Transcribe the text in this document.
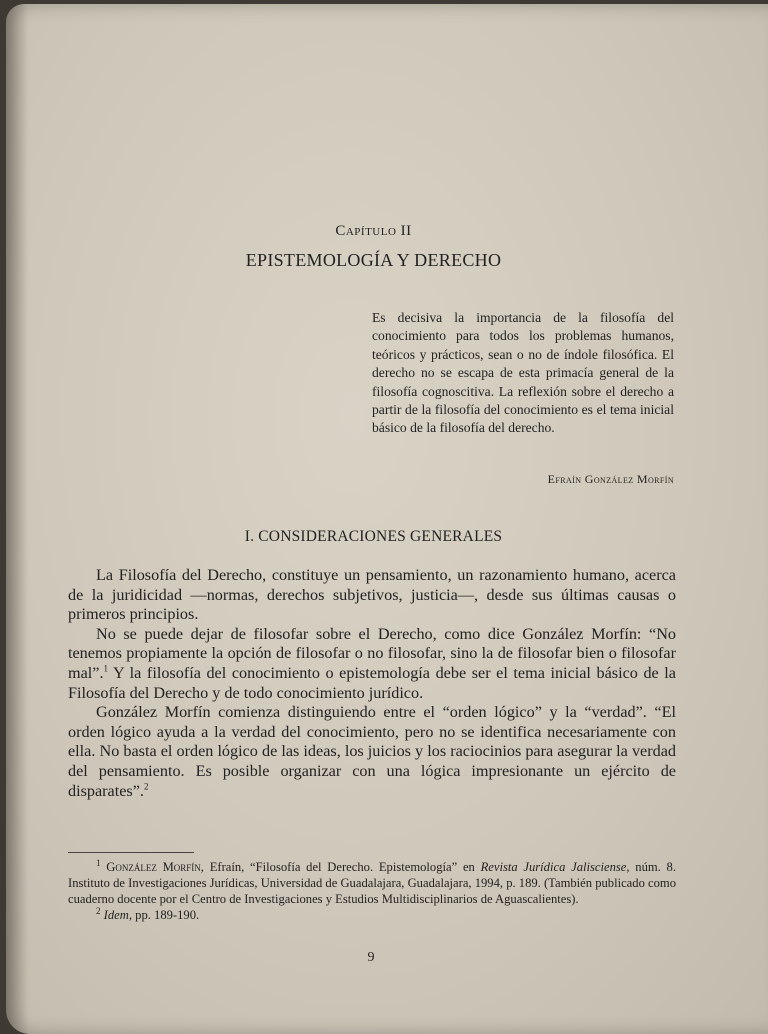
Capítulo II
EPISTEMOLOGÍA Y DERECHO
Es decisiva la importancia de la filosofía del conocimiento para todos los problemas humanos, teóricos y prácticos, sean o no de índole filosófica. El derecho no se escapa de esta primacía general de la filosofía cognoscitiva. La reflexión sobre el derecho a partir de la filosofía del conocimiento es el tema inicial básico de la filosofía del derecho.
Efraín González Morfín
I. CONSIDERACIONES GENERALES

La Filosofía del Derecho, constituye un pensamiento, un razonamiento humano, acerca de la juridicidad —normas, derechos subjetivos, justicia—, desde sus últimas causas o primeros principios.

No se puede dejar de filosofar sobre el Derecho, como dice González Morfín: “No tenemos propiamente la opción de filosofar o no filosofar, sino la de filosofar bien o filosofar mal”.$^1$ Y la filosofía del conocimiento o epistemología debe ser el tema inicial básico de la Filosofía del Derecho y de todo conocimiento jurídico.

González Morfín comienza distinguiendo entre el “orden lógico” y la “verdad”. “El orden lógico ayuda a la verdad del conocimiento, pero no se identifica necesariamente con ella. No basta el orden lógico de las ideas, los juicios y los raciocinios para asegurar la verdad del pensamiento. Es posible organizar con una lógica impresionante un ejército de disparates”.$^2$

$^1$ González Morfín, Efraín, “Filosofía del Derecho. Epistemología” en Revista Jurídica Jalisciense, núm. 8. Instituto de Investigaciones Jurídicas, Universidad de Guadalajara, Guadalajara, 1994, p. 189. (También publicado como cuaderno docente por el Centro de Investigaciones y Estudios Multidisciplinarios de Aguascalientes).

$^2$ Idem, pp. 189-190.

9
